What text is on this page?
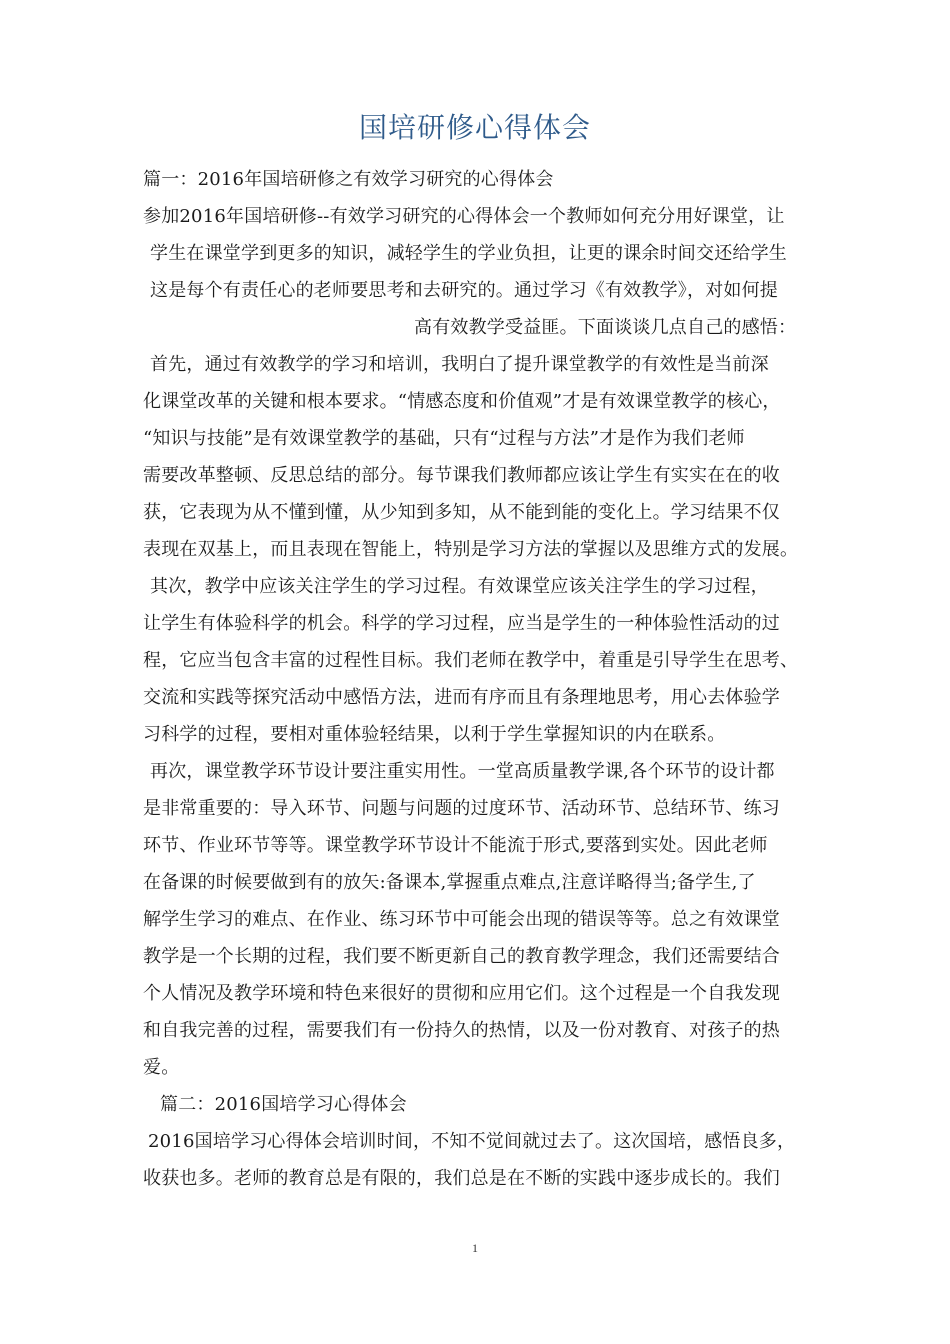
国培研修心得体会
篇一：2016年国培研修之有效学习研究的心得体会
参加2016年国培研修--有效学习研究的心得体会一个教师如何充分用好课堂，让
学生在课堂学到更多的知识，减轻学生的学业负担，让更的课余时间交还给学生
这是每个有责任心的老师要思考和去研究的。通过学习《有效教学》，对如何提
高有效教学受益匪。下面谈谈几点自己的感悟：
首先，通过有效教学的学习和培训，我明白了提升课堂教学的有效性是当前深
化课堂改革的关键和根本要求。“情感态度和价值观”才是有效课堂教学的核心，
“知识与技能”是有效课堂教学的基础，只有“过程与方法”才是作为我们老师
需要改革整顿、反思总结的部分。每节课我们教师都应该让学生有实实在在的收
获，它表现为从不懂到懂，从少知到多知，从不能到能的变化上。学习结果不仅
表现在双基上，而且表现在智能上，特别是学习方法的掌握以及思维方式的发展。
其次，教学中应该关注学生的学习过程。有效课堂应该关注学生的学习过程，
让学生有体验科学的机会。科学的学习过程，应当是学生的一种体验性活动的过
程，它应当包含丰富的过程性目标。我们老师在教学中，着重是引导学生在思考、
交流和实践等探究活动中感悟方法，进而有序而且有条理地思考，用心去体验学
习科学的过程，要相对重体验轻结果，以利于学生掌握知识的内在联系。
再次，课堂教学环节设计要注重实用性。一堂高质量教学课,各个环节的设计都
是非常重要的：导入环节、问题与问题的过度环节、活动环节、总结环节、练习
环节、作业环节等等。课堂教学环节设计不能流于形式,要落到实处。因此老师
在备课的时候要做到有的放矢:备课本,掌握重点难点,注意详略得当;备学生,了
解学生学习的难点、在作业、练习环节中可能会出现的错误等等。总之有效课堂
教学是一个长期的过程，我们要不断更新自己的教育教学理念，我们还需要结合
个人情况及教学环境和特色来很好的贯彻和应用它们。这个过程是一个自我发现
和自我完善的过程，需要我们有一份持久的热情，以及一份对教育、对孩子的热
爱。
篇二：2016国培学习心得体会
2016国培学习心得体会培训时间，不知不觉间就过去了。这次国培，感悟良多，
收获也多。老师的教育总是有限的，我们总是在不断的实践中逐步成长的。我们
1
